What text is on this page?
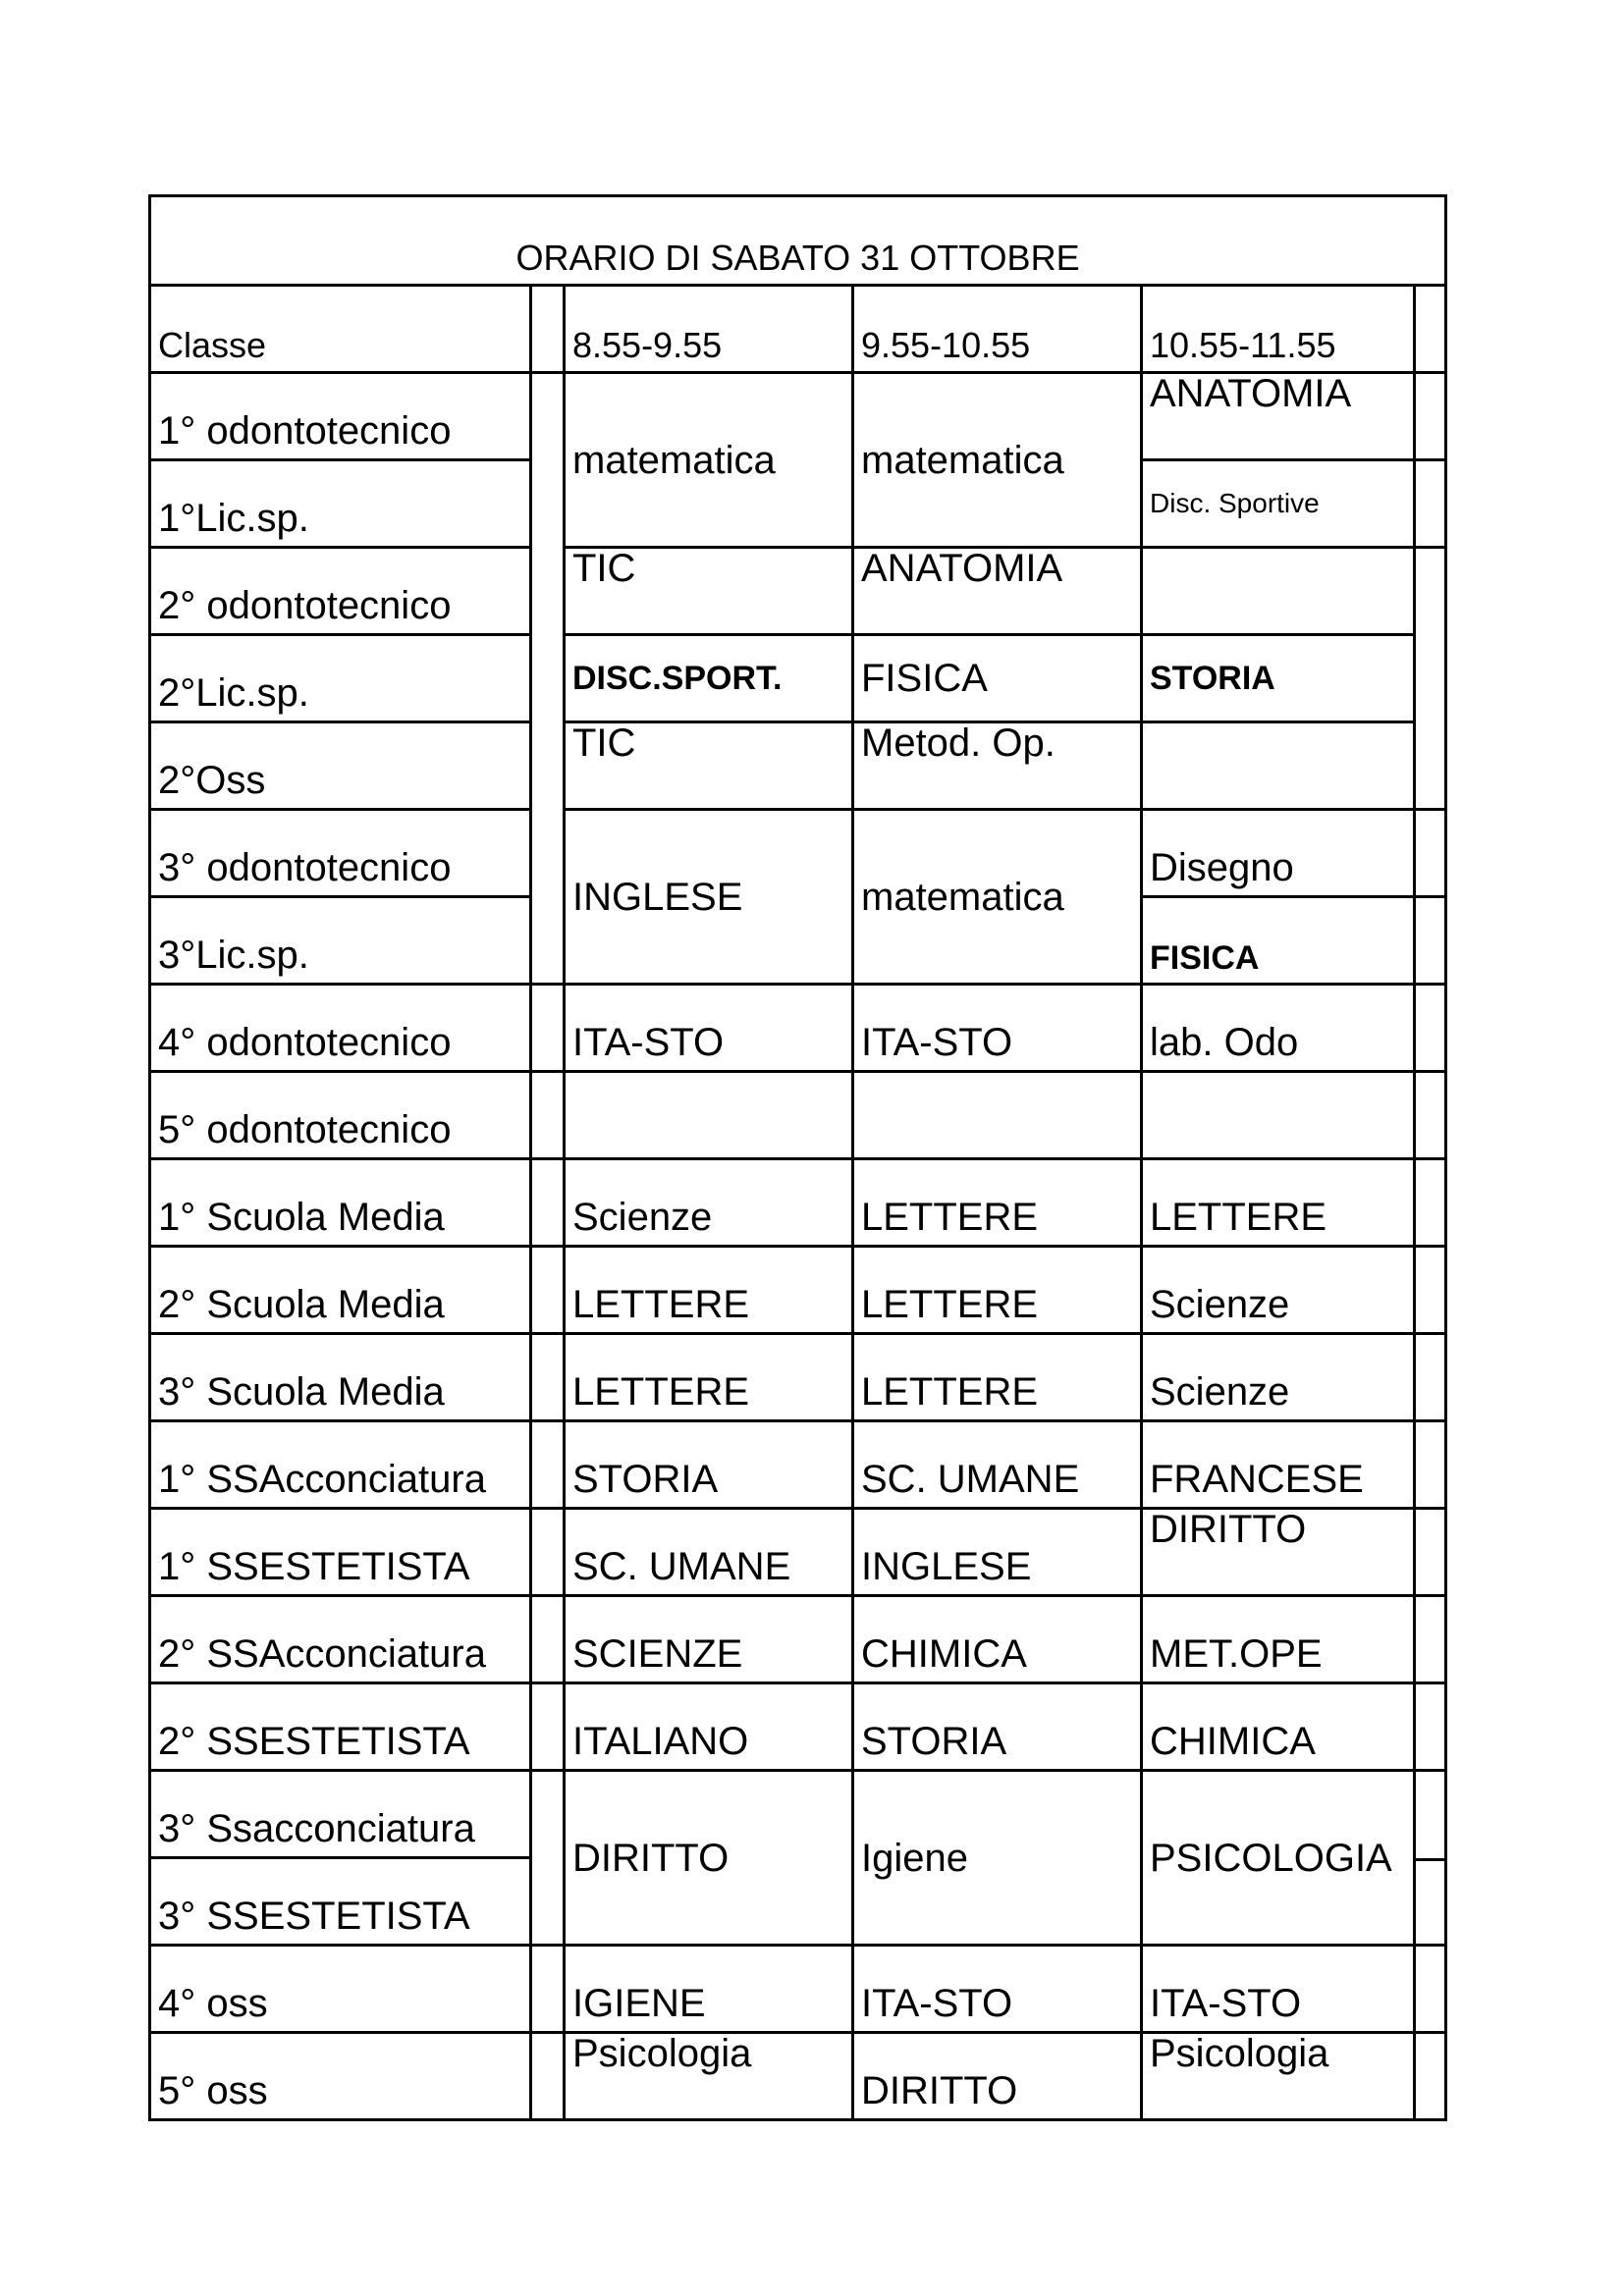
ORARIO DI SABATO 31 OTTOBRE					
Classe		8.55-9.55	9.55-10.55	10.55-11.55	
1° odontotecnico		matematica	matematica	ANATOMIA	
1°Lic.sp.				Disc. Sportive	
2° odontotecnico		TIC	ANATOMIA		
2°Lic.sp.		DISC.SPORT.	FISICA	STORIA	
2°Oss		TIC	Metod. Op.		
3° odontotecnico		INGLESE	matematica	Disegno	
3°Lic.sp.				FISICA	
4° odontotecnico		ITA-STO	ITA-STO	lab. Odo	
5° odontotecnico					
1° Scuola Media		Scienze	LETTERE	LETTERE	
2° Scuola Media		LETTERE	LETTERE	Scienze	
3° Scuola Media		LETTERE	LETTERE	Scienze	
1° SSAcconciatura		STORIA	SC. UMANE	FRANCESE	
1° SSESTETISTA		SC. UMANE	INGLESE	DIRITTO	
2° SSAcconciatura		SCIENZE	CHIMICA	MET.OPE	
2° SSESTETISTA		ITALIANO	STORIA	CHIMICA	
3° Ssacconciatura		DIRITTO	Igiene	PSICOLOGIA	
3° SSESTETISTA					
4° oss		IGIENE	ITA-STO	ITA-STO	
5° oss		Psicologia	DIRITTO	Psicologia	
